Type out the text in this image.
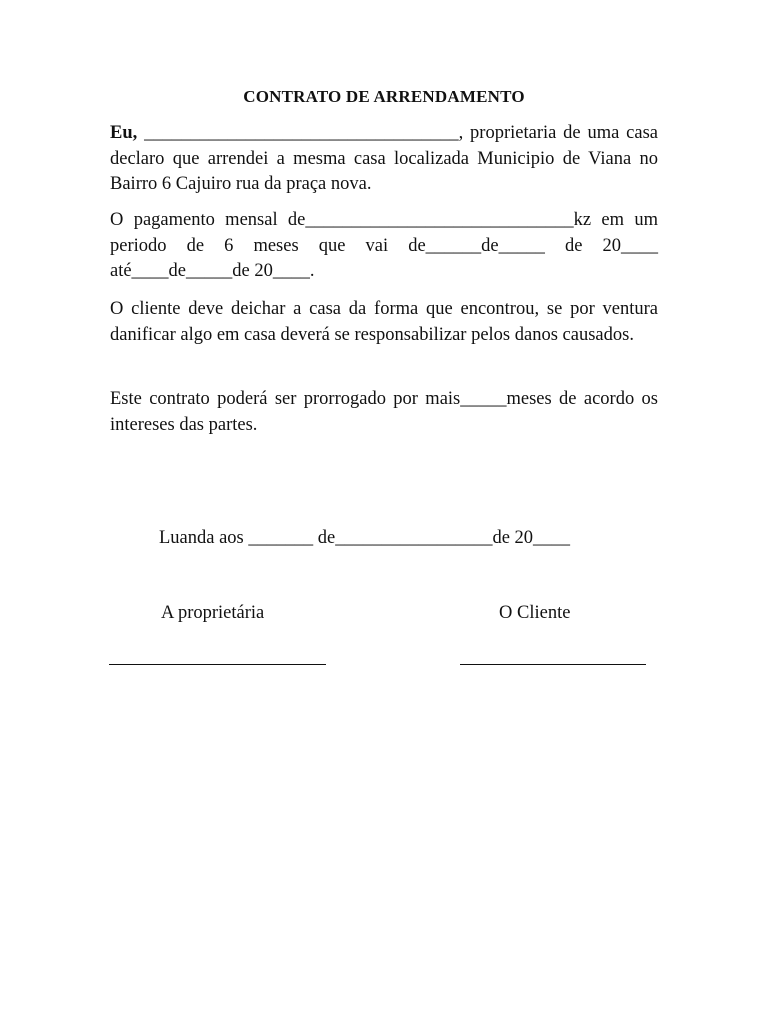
CONTRATO DE ARRENDAMENTO
Eu, __________________________________, proprietaria de uma casa declaro que arrendei a mesma casa localizada Municipio de Viana no Bairro 6 Cajuiro rua da praça nova.
O pagamento mensal de_____________________________kz em um periodo de 6 meses que vai de______de_____ de 20____ até____de_____de 20____.
O cliente deve deichar a casa da forma que encontrou, se por ventura danificar algo em casa deverá se responsabilizar pelos danos causados.
Este contrato poderá ser prorrogado por mais_____meses de acordo os intereses das partes.
Luanda aos _______ de_________________de 20____
A proprietária	O Cliente
